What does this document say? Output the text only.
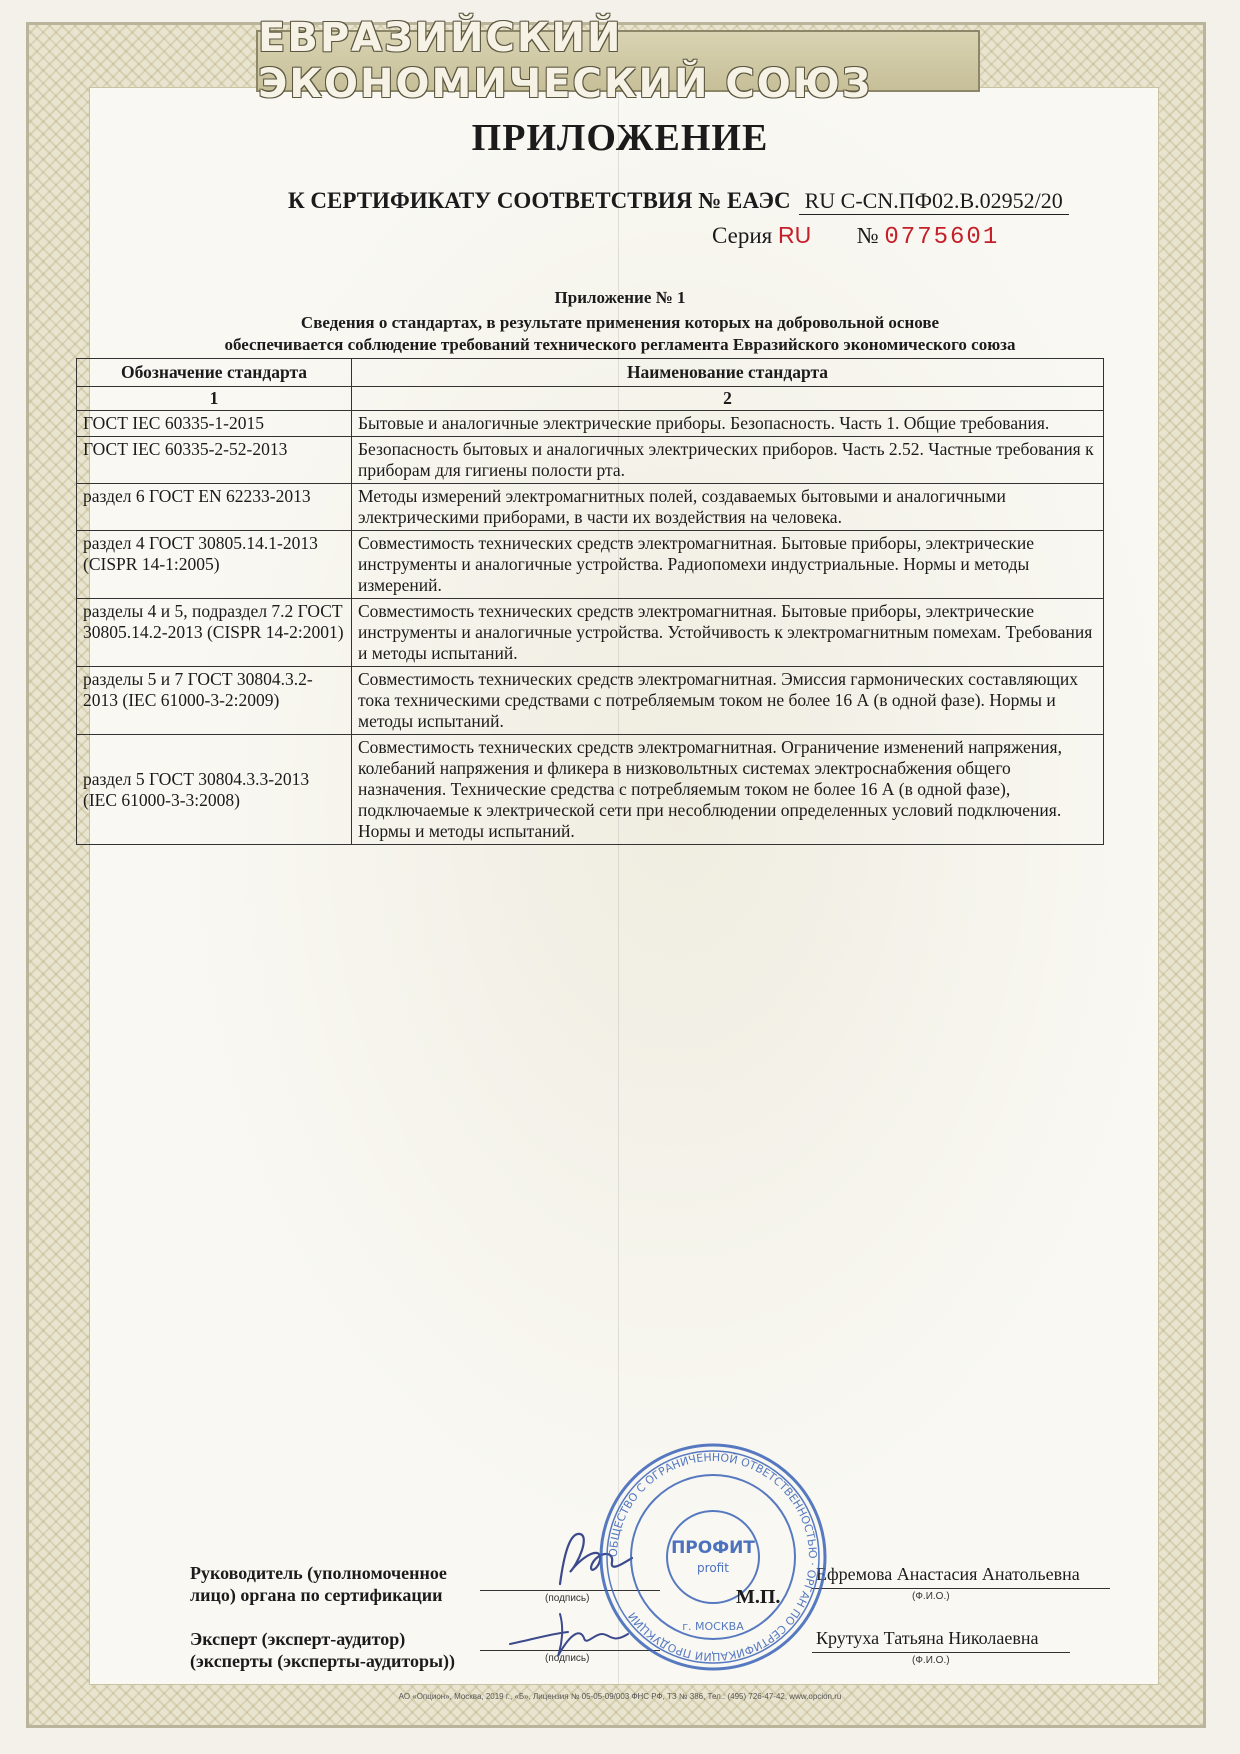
ЕВРАЗИЙСКИЙ ЭКОНОМИЧЕСКИЙ СОЮЗ
ПРИЛОЖЕНИЕ
К СЕРТИФИКАТУ СООТВЕТСТВИЯ № ЕАЭС RU С-CN.ПФ02.В.02952/20
Серия RU № 0775601
Приложение № 1
Сведения о стандартах, в результате применения которых на добровольной основе
обеспечивается соблюдение требований технического регламента Евразийского экономического союза
Обозначение стандарта	Наименование стандарта
1	2
ГОСТ IEC 60335-1-2015	Бытовые и аналогичные электрические приборы. Безопасность. Часть 1. Общие требования.
ГОСТ IEC 60335-2-52-2013	Безопасность бытовых и аналогичных электрических приборов. Часть 2.52. Частные требования к приборам для гигиены полости рта.
раздел 6 ГОСТ EN 62233-2013	Методы измерений электромагнитных полей, создаваемых бытовыми и аналогичными электрическими приборами, в части их воздействия на человека.
раздел 4 ГОСТ 30805.14.1-2013 (CISPR 14-1:2005)	Совместимость технических средств электромагнитная. Бытовые приборы, электрические инструменты и аналогичные устройства. Радиопомехи индустриальные. Нормы и методы измерений.
разделы 4 и 5, подраздел 7.2 ГОСТ 30805.14.2-2013 (CISPR 14-2:2001)	Совместимость технических средств электромагнитная. Бытовые приборы, электрические инструменты и аналогичные устройства. Устойчивость к электромагнитным помехам. Требования и методы испытаний.
разделы 5 и 7 ГОСТ 30804.3.2-2013 (IEC 61000-3-2:2009)	Совместимость технических средств электромагнитная. Эмиссия гармонических составляющих тока техническими средствами с потребляемым током не более 16 А (в одной фазе). Нормы и методы испытаний.
раздел 5 ГОСТ 30804.3.3-2013 (IEC 61000-3-3:2008)	Совместимость технических средств электромагнитная. Ограничение изменений напряжения, колебаний напряжения и фликера в низковольтных системах электроснабжения общего назначения. Технические средства с потребляемым током не более 16 А (в одной фазе), подключаемые к электрической сети при несоблюдении определенных условий подключения. Нормы и методы испытаний.
Руководитель (уполномоченное
лицо) органа по сертификации
Эксперт (эксперт-аудитор)
(эксперты (эксперты-аудиторы))
(подпись)
(подпись)
Ефремова Анастасия Анатольевна
(Ф.И.О.)
Крутуха Татьяна Николаевна
(Ф.И.О.)
ОБЩЕСТВО С ОГРАНИЧЕННОЙ ОТВЕТСТВЕННОСТЬЮ · ОРГАН ПО СЕРТИФИКАЦИИ ПРОДУКЦИИ
ПРОФИТ
profit
г. МОСКВА
М.П.
АО «Опцион», Москва, 2019 г., «Б», Лицензия № 05-05-09/003 ФНС РФ, ТЗ № 386, Тел.: (495) 726-47-42, www.opcion.ru
